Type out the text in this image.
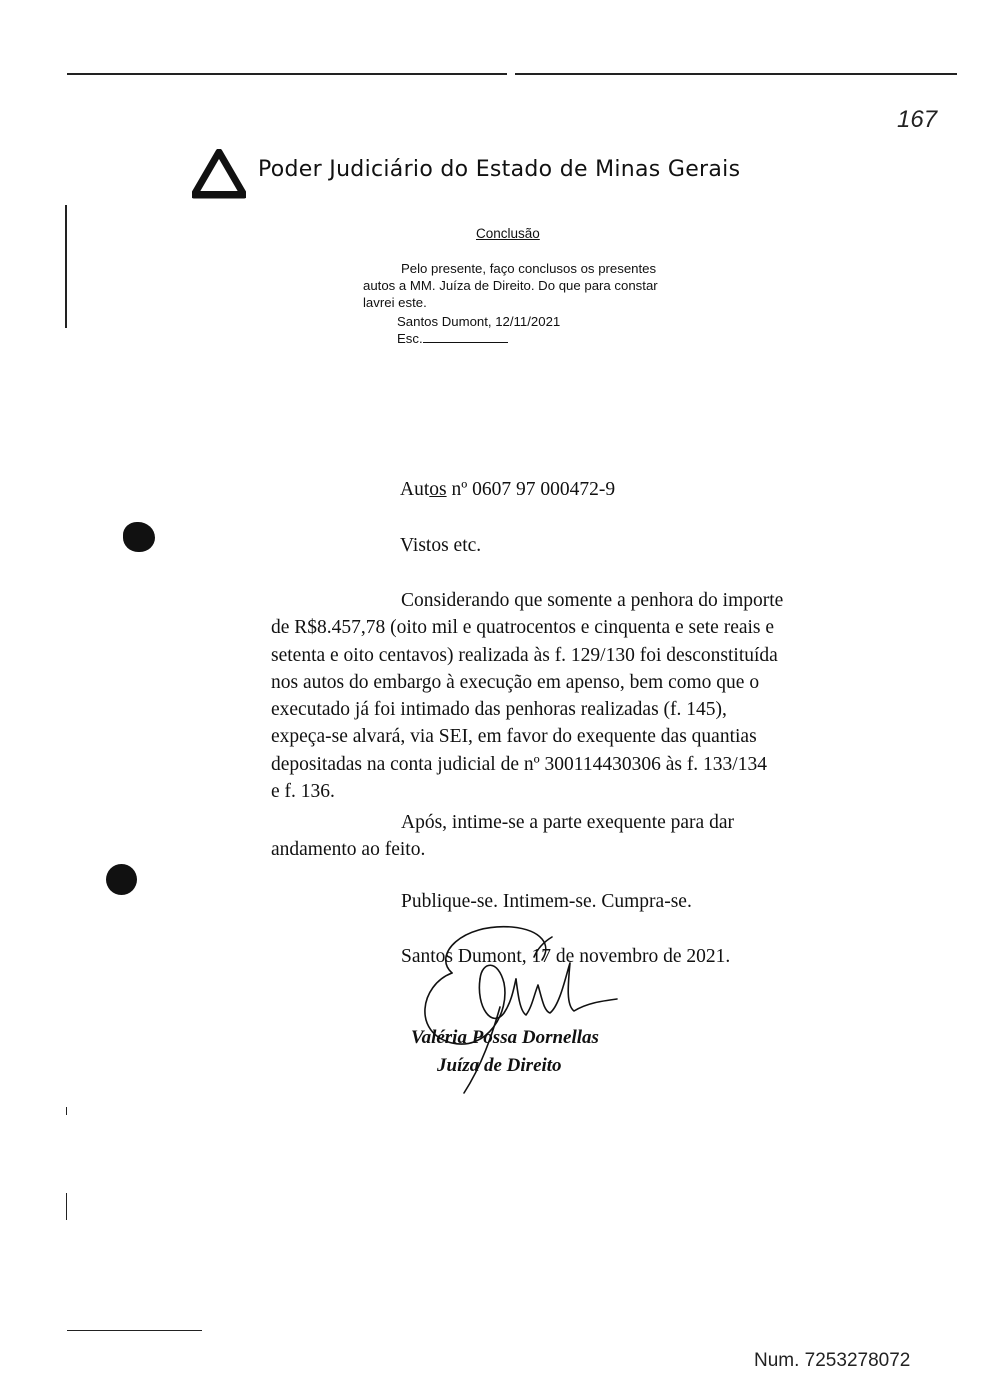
167
Poder Judiciário do Estado de Minas Gerais
Conclusão
Pelo presente, faço conclusos os presentes
autos a MM. Juíza de Direito. Do que para constar
lavrei este.
Santos Dumont, 12/11/2021
Esc.
Autos nº 0607 97 000472-9
Vistos etc.
Considerando que somente a penhora do importe
de R$8.457,78 (oito mil e quatrocentos e cinquenta e sete reais e
setenta e oito centavos) realizada às f. 129/130 foi desconstituída
nos autos do embargo à execução em apenso, bem como que o
executado já foi intimado das penhoras realizadas (f. 145),
expeça-se alvará, via SEI, em favor do exequente das quantias
depositadas na conta judicial de nº 300114430306 às f. 133/134
e f. 136.
Após, intime-se a parte exequente para dar
andamento ao feito.
Publique-se. Intimem-se. Cumpra-se.
Santos Dumont, 17 de novembro de 2021.
Valéria Possa Dornellas
Juíza de Direito
Num. 7253278072
